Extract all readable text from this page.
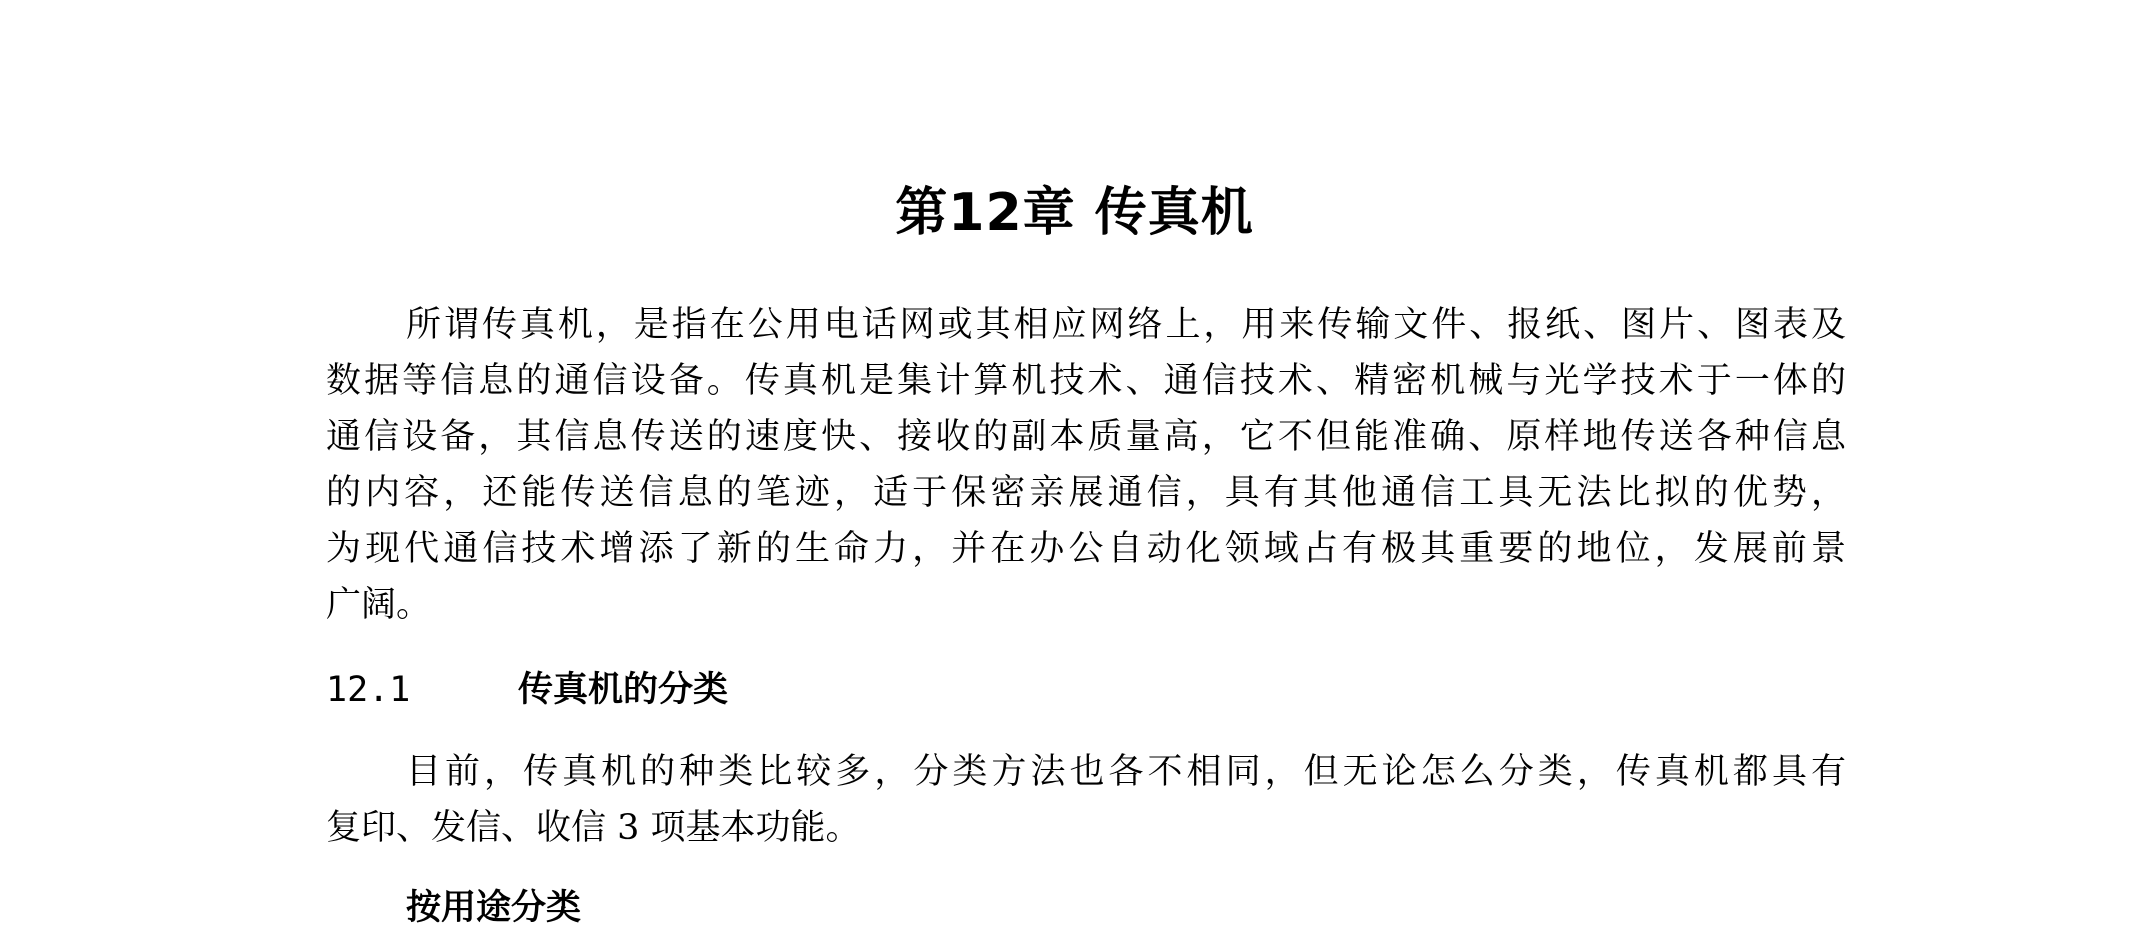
第12章 传真机
所谓传真机，是指在公用电话网或其相应网络上，用来传输文件、报纸、图片、图表及
数据等信息的通信设备。传真机是集计算机技术、通信技术、精密机械与光学技术于一体的
通信设备，其信息传送的速度快、接收的副本质量高，它不但能准确、原样地传送各种信息
的内容，还能传送信息的笔迹，适于保密亲展通信，具有其他通信工具无法比拟的优势，
为现代通信技术增添了新的生命力，并在办公自动化领域占有极其重要的地位，发展前景
广阔。
12.1	传真机的分类
目前，传真机的种类比较多，分类方法也各不相同，但无论怎么分类，传真机都具有
复印、发信、收信 3 项基本功能。
按用途分类
